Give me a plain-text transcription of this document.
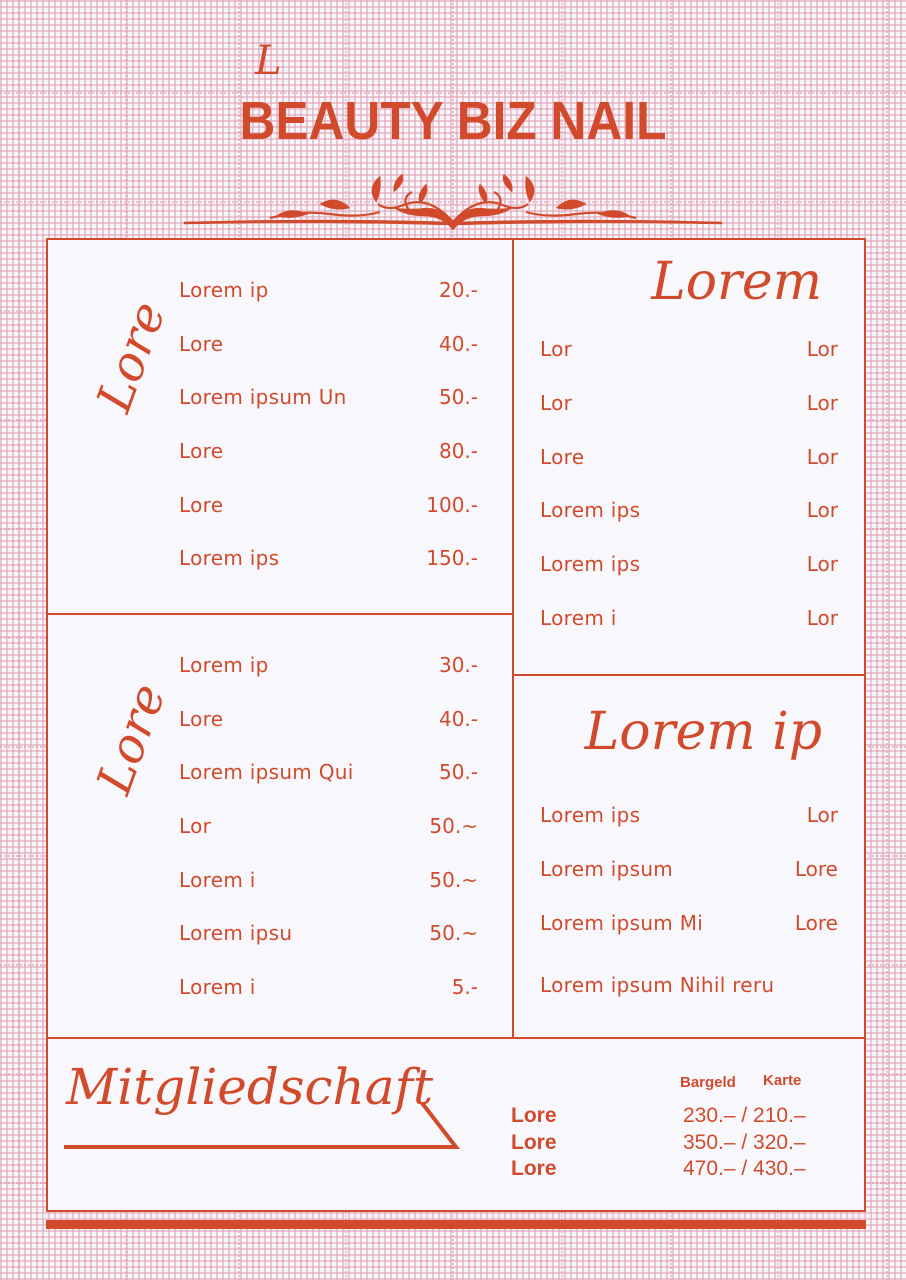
L
BEAUTY BIZ NAIL
Lore
Lorem ip	20.-
Lore	40.-
Lorem ipsum Un	50.-
Lore	80.-
Lore	100.-
Lorem ips	150.-
Lore
Lorem ip	30.-
Lore	40.-
Lorem ipsum Qui	50.-
Lor	50.~
Lorem i	50.~
Lorem ipsu	50.~
Lorem i	5.-
Lorem
Lor	Lor
Lor	Lor
Lore	Lor
Lorem ips	Lor
Lorem ips	Lor
Lorem i	Lor
Lorem ip
Lorem ips	Lor
Lorem ipsum	Lore
Lorem ipsum Mi	Lore
Lorem ipsum Nihil reru
Mitgliedschaft	Bargeld Karte
Lore	230.– / 210.–
Lore	350.– / 320.–
Lore	470.– / 430.–
